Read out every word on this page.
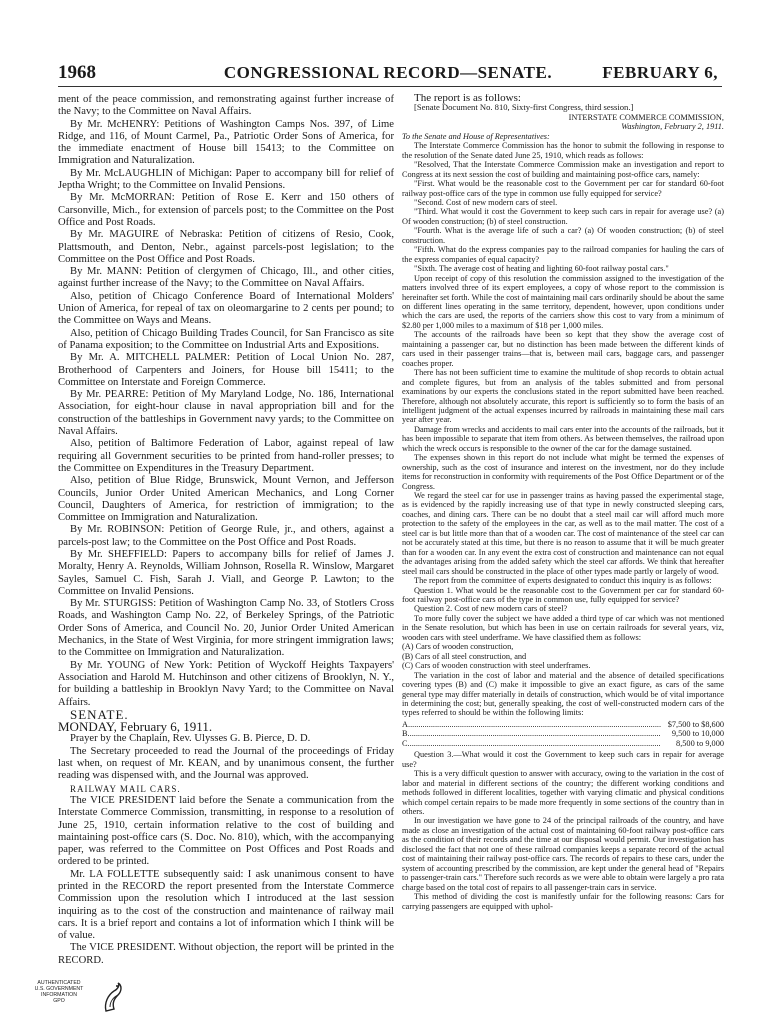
CONGRESSIONAL RECORD—SENATE.
1968	FEBRUARY 6,

ment of the peace commission, and remonstrating against further increase of the Navy; to the Committee on Naval Affairs.

By Mr. McHENRY: Petitions of Washington Camps Nos. 397, of Lime Ridge, and 116, of Mount Carmel, Pa., Patriotic Order Sons of America, for the immediate enactment of House bill 15413; to the Committee on Immigration and Naturalization.

By Mr. McLAUGHLIN of Michigan: Paper to accompany bill for relief of Jeptha Wright; to the Committee on Invalid Pensions.

By Mr. McMORRAN: Petition of Rose E. Kerr and 150 others of Carsonville, Mich., for extension of parcels post; to the Committee on the Post Office and Post Roads.

By Mr. MAGUIRE of Nebraska: Petition of citizens of Resio, Cook, Plattsmouth, and Denton, Nebr., against parcels-post legislation; to the Committee on the Post Office and Post Roads.

By Mr. MANN: Petition of clergymen of Chicago, Ill., and other cities, against further increase of the Navy; to the Committee on Naval Affairs.

Also, petition of Chicago Conference Board of International Molders' Union of America, for repeal of tax on oleomargarine to 2 cents per pound; to the Committee on Ways and Means.

Also, petition of Chicago Building Trades Council, for San Francisco as site of Panama exposition; to the Committee on Industrial Arts and Expositions.

By Mr. A. MITCHELL PALMER: Petition of Local Union No. 287, Brotherhood of Carpenters and Joiners, for House bill 15411; to the Committee on Interstate and Foreign Commerce.

By Mr. PEARRE: Petition of My Maryland Lodge, No. 186, International Association, for eight-hour clause in naval appropriation bill and for the construction of the battleships in Government navy yards; to the Committee on Naval Affairs.

Also, petition of Baltimore Federation of Labor, against repeal of law requiring all Government securities to be printed from hand-roller presses; to the Committee on Expenditures in the Treasury Department.

Also, petition of Blue Ridge, Brunswick, Mount Vernon, and Jefferson Councils, Junior Order United American Mechanics, and Long Corner Council, Daughters of America, for restriction of immigration; to the Committee on Immigration and Naturalization.

By Mr. ROBINSON: Petition of George Rule, jr., and others, against a parcels-post law; to the Committee on the Post Office and Post Roads.

By Mr. SHEFFIELD: Papers to accompany bills for relief of James J. Moralty, Henry A. Reynolds, William Johnson, Rosella R. Winslow, Margaret Sayles, Samuel C. Fish, Sarah J. Viall, and George P. Lawton; to the Committee on Invalid Pensions.

By Mr. STURGISS: Petition of Washington Camp No. 33, of Stotlers Cross Roads, and Washington Camp No. 22, of Berkeley Springs, of the Patriotic Order Sons of America, and Council No. 20, Junior Order United American Mechanics, in the State of West Virginia, for more stringent immigration laws; to the Committee on Immigration and Naturalization.

By Mr. YOUNG of New York: Petition of Wyckoff Heights Taxpayers' Association and Harold M. Hutchinson and other citizens of Brooklyn, N. Y., for building a battleship in Brooklyn Navy Yard; to the Committee on Naval Affairs.

SENATE.

MONDAY, February 6, 1911.

Prayer by the Chaplain, Rev. Ulysses G. B. Pierce, D. D.

The Secretary proceeded to read the Journal of the proceedings of Friday last when, on request of Mr. KEAN, and by unanimous consent, the further reading was dispensed with, and the Journal was approved.

RAILWAY MAIL CARS.

The VICE PRESIDENT laid before the Senate a communication from the Interstate Commerce Commission, transmitting, in response to a resolution of June 25, 1910, certain information relative to the cost of building and maintaining post-office cars (S. Doc. No. 810), which, with the accompanying paper, was referred to the Committee on Post Offices and Post Roads and ordered to be printed.

Mr. LA FOLLETTE subsequently said: I ask unanimous consent to have printed in the RECORD the report presented from the Interstate Commerce Commission upon the resolution which I introduced at the last session inquiring as to the cost of the construction and maintenance of railway mail cars. It is a brief report and contains a lot of information which I think will be of value.

The VICE PRESIDENT. Without objection, the report will be printed in the RECORD.

The report is as follows:

[Senate Document No. 810, Sixty-first Congress, third session.]

INTERSTATE COMMERCE COMMISSION,

Washington, February 2, 1911.

To the Senate and House of Representatives:

The Interstate Commerce Commission has the honor to submit the following in response to the resolution of the Senate dated June 25, 1910, which reads as follows:

"Resolved, That the Interstate Commerce Commission make an investigation and report to Congress at its next session the cost of building and maintaining post-office cars, namely:

"First. What would be the reasonable cost to the Government per car for standard 60-foot railway post-office cars of the type in common use fully equipped for service?

"Second. Cost of new modern cars of steel.

"Third. What would it cost the Government to keep such cars in repair for average use? (a) Of wooden construction; (b) of steel construction.

"Fourth. What is the average life of such a car? (a) Of wooden construction; (b) of steel construction.

"Fifth. What do the express companies pay to the railroad companies for hauling the cars of the express companies of equal capacity?

"Sixth. The average cost of heating and lighting 60-foot railway postal cars."

Upon receipt of copy of this resolution the commission assigned to the investigation of the matters involved three of its expert employees, a copy of whose report to the commission is hereinafter set forth. While the cost of maintaining mail cars ordinarily should be about the same on different lines operating in the same territory, dependent, however, upon conditions under which the cars are used, the reports of the carriers show this cost to vary from a minimum of $2.80 per 1,000 miles to a maximum of $18 per 1,000 miles.

The accounts of the railroads have been so kept that they show the average cost of maintaining a passenger car, but no distinction has been made between the different kinds of cars used in their passenger trains—that is, between mail cars, baggage cars, and passenger coaches proper.

There has not been sufficient time to examine the multitude of shop records to obtain actual and complete figures, but from an analysis of the tables submitted and from personal examinations by our experts the conclusions stated in the report submitted have been reached. Therefore, although not absolutely accurate, this report is sufficiently so to form the basis of an intelligent judgment of the actual expenses incurred by railroads in maintaining these mail cars year after year.

Damage from wrecks and accidents to mail cars enter into the accounts of the railroads, but it has been impossible to separate that item from others. As between themselves, the railroad upon which the wreck occurs is responsible to the owner of the car for the damage sustained.

The expenses shown in this report do not include what might be termed the expenses of ownership, such as the cost of insurance and interest on the investment, nor do they include items for reconstruction in conformity with requirements of the Post Office Department or of the Congress.

We regard the steel car for use in passenger trains as having passed the experimental stage, as is evidenced by the rapidly increasing use of that type in newly constructed sleeping cars, coaches, and dining cars. There can be no doubt that a steel mail car will afford much more protection to the safety of the employees in the car, as well as to the mail matter. The cost of a steel car is but little more than that of a wooden car. The cost of maintenance of the steel car can not be accurately stated at this time, but there is no reason to assume that it will be much greater than for a wooden car. In any event the extra cost of construction and maintenance can not equal the advantages arising from the added safety which the steel car affords. We think that hereafter steel mail cars should be constructed in the place of other types made partly or largely of wood.

The report from the committee of experts designated to conduct this inquiry is as follows:

Question 1. What would be the reasonable cost to the Government per car for standard 60-foot railway post-office cars of the type in common use, fully equipped for service?

Question 2. Cost of new modern cars of steel?

To more fully cover the subject we have added a third type of car which was not mentioned in the Senate resolution, but which has been in use on certain railroads for several years, viz, wooden cars with steel underframe. We have classified them as follows:

(A) Cars of wooden construction,

(B) Cars of all steel construction, and

(C) Cars of wooden construction with steel underframes.

The variation in the cost of labor and material and the absence of detailed specifications covering types (B) and (C) make it impossible to give an exact figure, as cars of the same general type may differ materially in details of construction, which would be of vital importance in determining the cost; but, generally speaking, the cost of well-constructed modern cars of the types referred to should be within the following limits:

A.......................................................................................................................... $7,500 to $8,600
B..........................................................................................................................	9,500 to 10,000
C..........................................................................................................................	8,500 to 9,000

Question 3.—What would it cost the Government to keep such cars in repair for average use?

This is a very difficult question to answer with accuracy, owing to the variation in the cost of labor and material in different sections of the country; the different working conditions and methods followed in different localities, together with varying climatic and physical conditions which compel certain repairs to be made more frequently in some sections of the country than in others.

In our investigation we have gone to 24 of the principal railroads of the country, and have made as close an investigation of the actual cost of maintaining 60-foot railway post-office cars as the condition of their records and the time at our disposal would permit. Our investigation has disclosed the fact that not one of these railroad companies keeps a separate record of the actual cost of maintaining their railway post-office cars. The records of repairs to these cars, under the system of accounting prescribed by the commission, are kept under the general head of "Repairs to passenger-train cars." Therefore such records as we were able to obtain were largely a pro rata charge based on the total cost of repairs to all passenger-train cars in service.

This method of dividing the cost is manifestly unfair for the following reasons: Cars for carrying passengers are equipped with uphol-

AUTHENTICATED
U.S. GOVERNMENT
INFORMATION
GPO
